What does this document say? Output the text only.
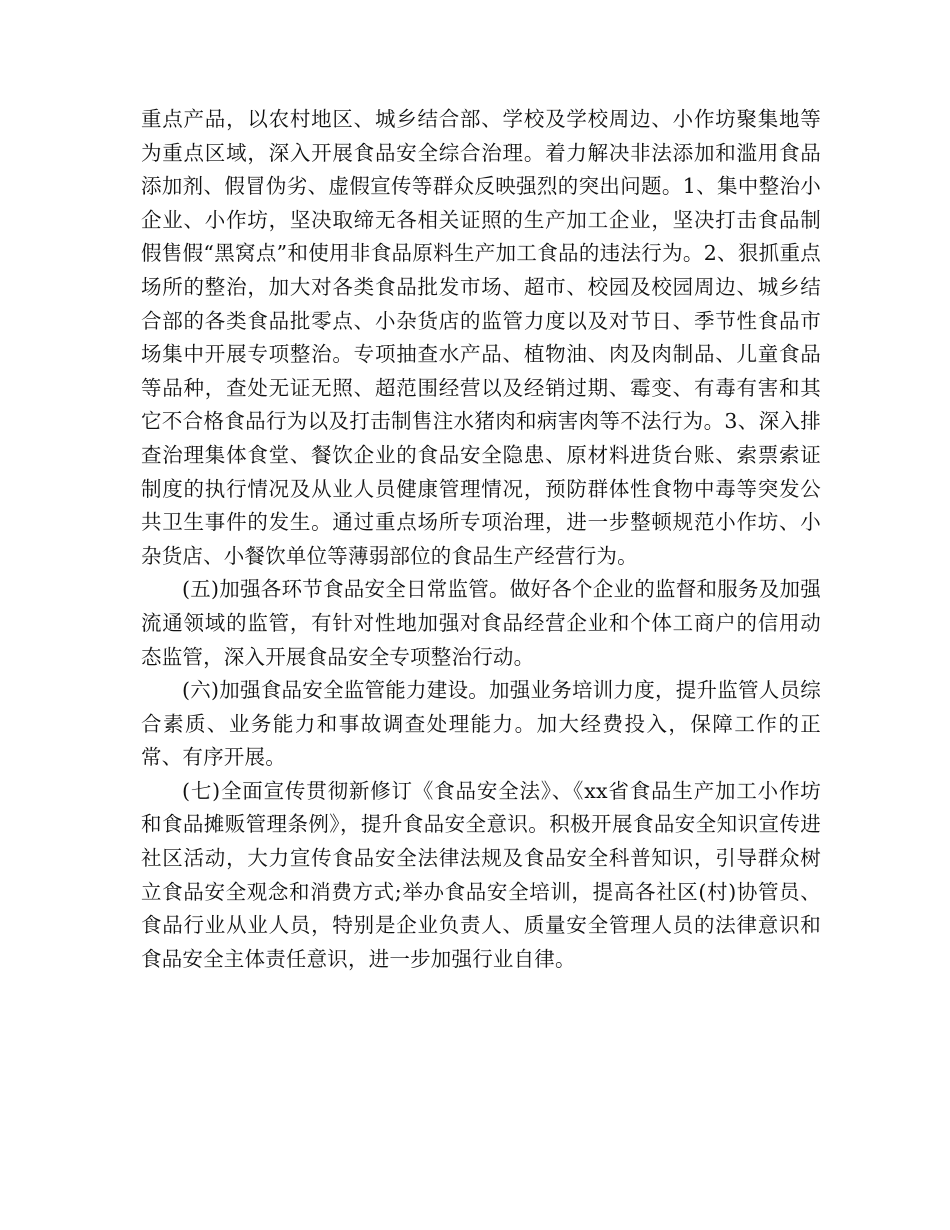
重点产品，以农村地区、城乡结合部、学校及学校周边、小作坊聚集地等为重点区域，深入开展食品安全综合治理。着力解决非法添加和滥用食品添加剂、假冒伪劣、虚假宣传等群众反映强烈的突出问题。1、集中整治小企业、小作坊，坚决取缔无各相关证照的生产加工企业，坚决打击食品制假售假“黑窝点”和使用非食品原料生产加工食品的违法行为。2、狠抓重点场所的整治，加大对各类食品批发市场、超市、校园及校园周边、城乡结合部的各类食品批零点、小杂货店的监管力度以及对节日、季节性食品市场集中开展专项整治。专项抽查水产品、植物油、肉及肉制品、儿童食品等品种，查处无证无照、超范围经营以及经销过期、霉变、有毒有害和其它不合格食品行为以及打击制售注水猪肉和病害肉等不法行为。3、深入排查治理集体食堂、餐饮企业的食品安全隐患、原材料进货台账、索票索证制度的执行情况及从业人员健康管理情况，预防群体性食物中毒等突发公共卫生事件的发生。通过重点场所专项治理，进一步整顿规范小作坊、小杂货店、小餐饮单位等薄弱部位的食品生产经营行为。

(五)加强各环节食品安全日常监管。做好各个企业的监督和服务及加强流通领域的监管，有针对性地加强对食品经营企业和个体工商户的信用动态监管，深入开展食品安全专项整治行动。

(六)加强食品安全监管能力建设。加强业务培训力度，提升监管人员综合素质、业务能力和事故调查处理能力。加大经费投入，保障工作的正常、有序开展。

(七)全面宣传贯彻新修订《食品安全法》、《xx省食品生产加工小作坊和食品摊贩管理条例》，提升食品安全意识。积极开展食品安全知识宣传进社区活动，大力宣传食品安全法律法规及食品安全科普知识，引导群众树立食品安全观念和消费方式;举办食品安全培训，提高各社区(村)协管员、食品行业从业人员，特别是企业负责人、质量安全管理人员的法律意识和食品安全主体责任意识，进一步加强行业自律。
